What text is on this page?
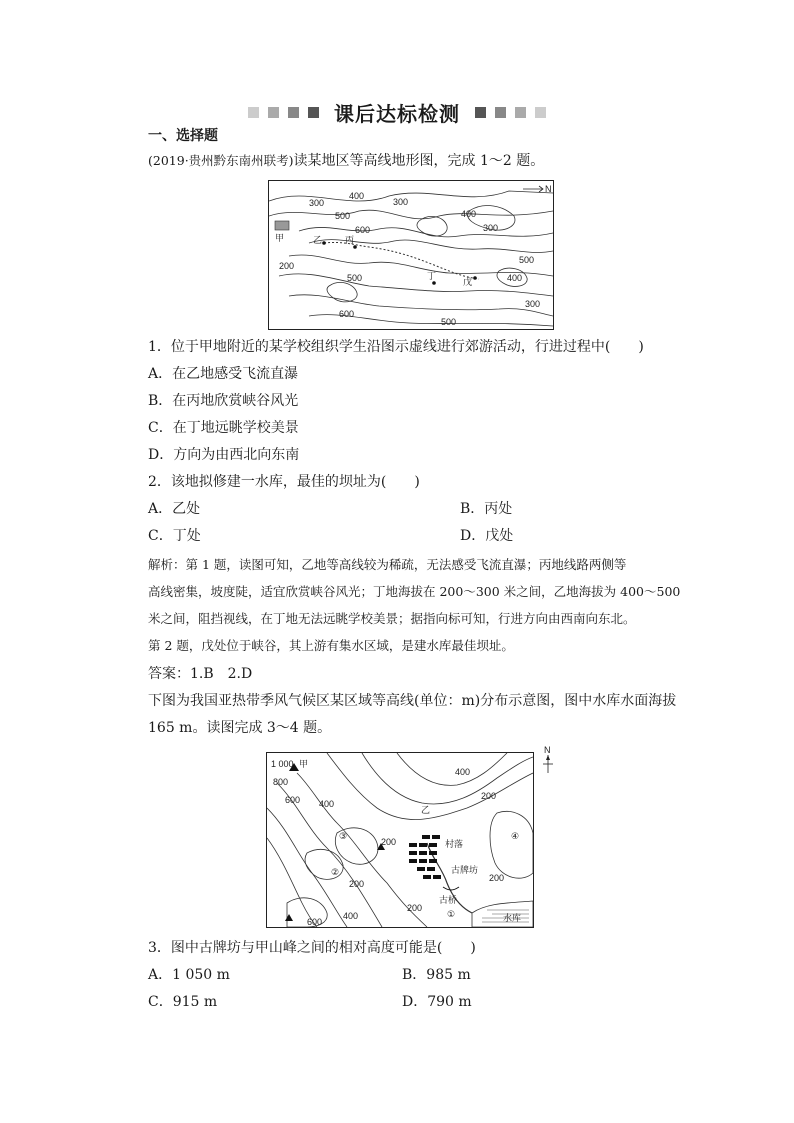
课后达标检测
一、选择题
(2019·贵州黔东南州联考)读某地区等高线地形图，完成 1～2 题。
N
300
400
500
600
300
200
500
400
300
500
400
300
600
500
甲	乙	丙
丁
戊
1．位于甲地附近的某学校组织学生沿图示虚线进行郊游活动，行进过程中(　　)
A．在乙地感受飞流直瀑
B．在丙地欣赏峡谷风光
C．在丁地远眺学校美景
D．方向为由西北向东南
2．该地拟修建一水库，最佳的坝址为(　　)
A．乙处	B．丙处
C．丁处	D．戊处
解析：第 1 题，读图可知，乙地等高线较为稀疏，无法感受飞流直瀑；丙地线路两侧等
高线密集，坡度陡，适宜欣赏峡谷风光；丁地海拔在 200～300 米之间，乙地海拔为 400～500
米之间，阻挡视线，在丁地无法远眺学校美景；据指向标可知，行进方向由西南向东北。
第 2 题，戊处位于峡谷，其上游有集水区域，是建水库最佳坝址。
答案：1.B　2.D
下图为我国亚热带季风气候区某区域等高线(单位：m)分布示意图，图中水库水面海拔
165 m。读图完成 3～4 题。
1 000 甲
800
600 400
400
200
200
200
200
400
600
200
乙
村落
古牌坊
古桥
水库
①
②
③	④
N
3．图中古牌坊与甲山峰之间的相对高度可能是(　　)
A．1 050 m	B．985 m
C．915 m	D．790 m
